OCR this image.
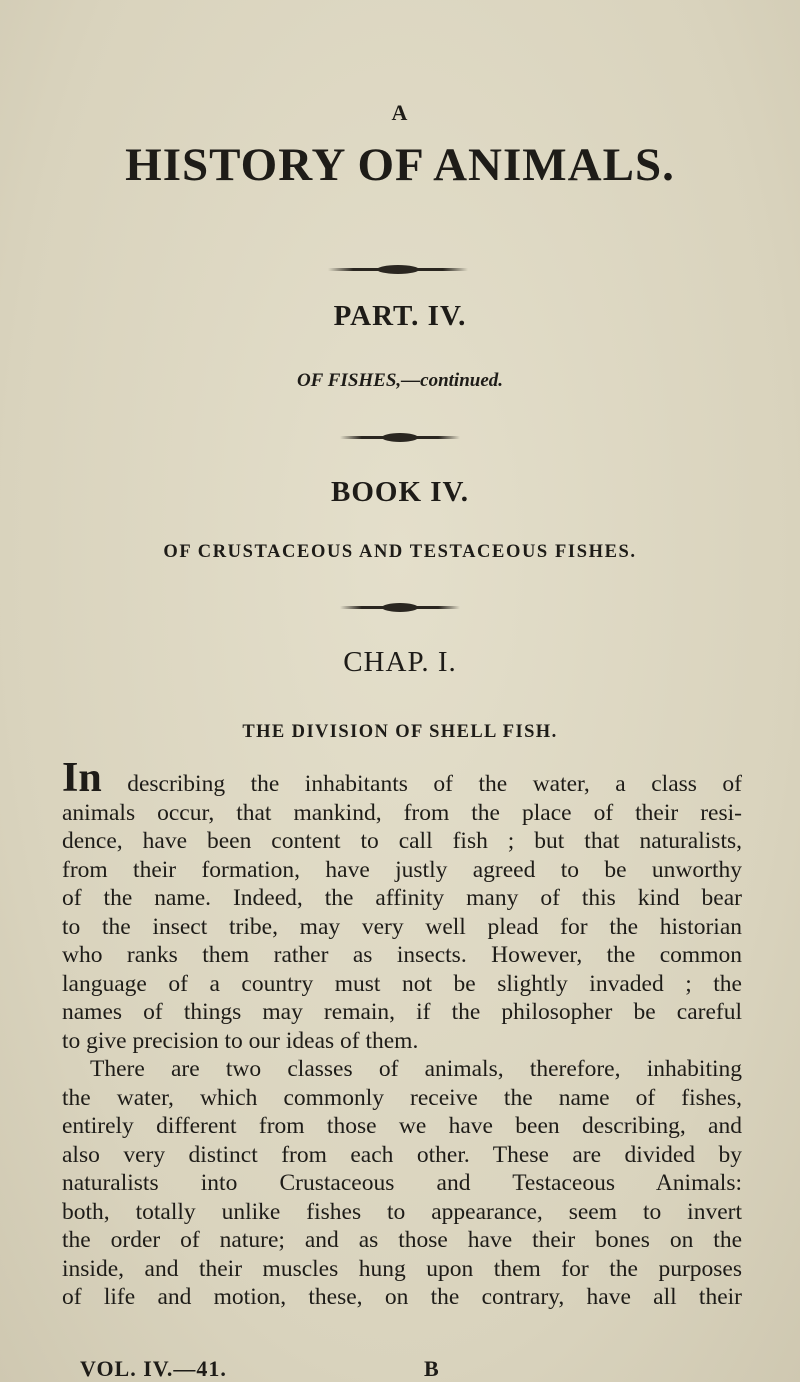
A
HISTORY OF ANIMALS.
PART. IV.
OF FISHES,—continued.
BOOK IV.
OF CRUSTACEOUS AND TESTACEOUS FISHES.
CHAP. I.
THE DIVISION OF SHELL FISH.
In describing the inhabitants of the water, a class of
animals occur, that mankind, from the place of their resi-
dence, have been content to call fish ; but that naturalists,
from their formation, have justly agreed to be unworthy
of the name. Indeed, the affinity many of this kind bear
to the insect tribe, may very well plead for the historian
who ranks them rather as insects. However, the common
language of a country must not be slightly invaded ; the
names of things may remain, if the philosopher be careful
to give precision to our ideas of them.
There are two classes of animals, therefore, inhabiting
the water, which commonly receive the name of fishes,
entirely different from those we have been describing, and
also very distinct from each other. These are divided by
naturalists into Crustaceous and Testaceous Animals:
both, totally unlike fishes to appearance, seem to invert
the order of nature; and as those have their bones on the
inside, and their muscles hung upon them for the purposes
of life and motion, these, on the contrary, have all their
VOL. IV.—41.	B
